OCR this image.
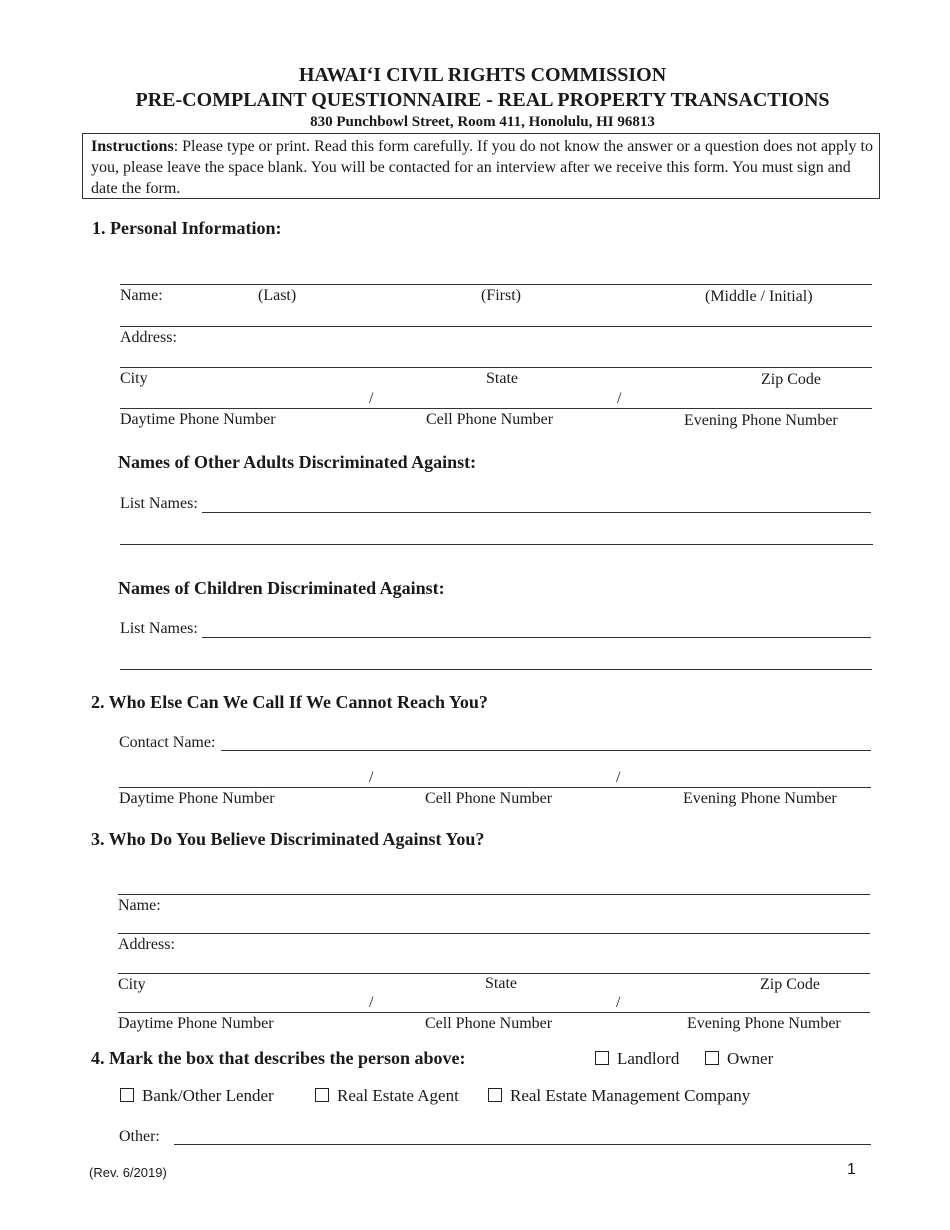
HAWAIʻI CIVIL RIGHTS COMMISSION
PRE-COMPLAINT QUESTIONNAIRE - REAL PROPERTY TRANSACTIONS
830 Punchbowl Street, Room 411, Honolulu, HI 96813
Instructions: Please type or print. Read this form carefully. If you do not know the answer or a question does not apply to you, please leave the space blank. You will be contacted for an interview after we receive this form. You must sign and date the form.
1. Personal Information:
Name:	(Last)	(First)	(Middle / Initial)
Address:
City	State	Zip Code
/	/
Daytime Phone Number	Cell Phone Number	Evening Phone Number
Names of Other Adults Discriminated Against:
List Names:
Names of Children Discriminated Against:
List Names:
2. Who Else Can We Call If We Cannot Reach You?
Contact Name:
/	/
Daytime Phone Number	Cell Phone Number	Evening Phone Number
3. Who Do You Believe Discriminated Against You?
Name:
Address:
City	State	Zip Code
/	/
Daytime Phone Number	Cell Phone Number	Evening Phone Number
4. Mark the box that describes the person above:	Landlord	Owner
Bank/Other Lender	Real Estate Agent	Real Estate Management Company
Other:
(Rev. 6/2019)	1
